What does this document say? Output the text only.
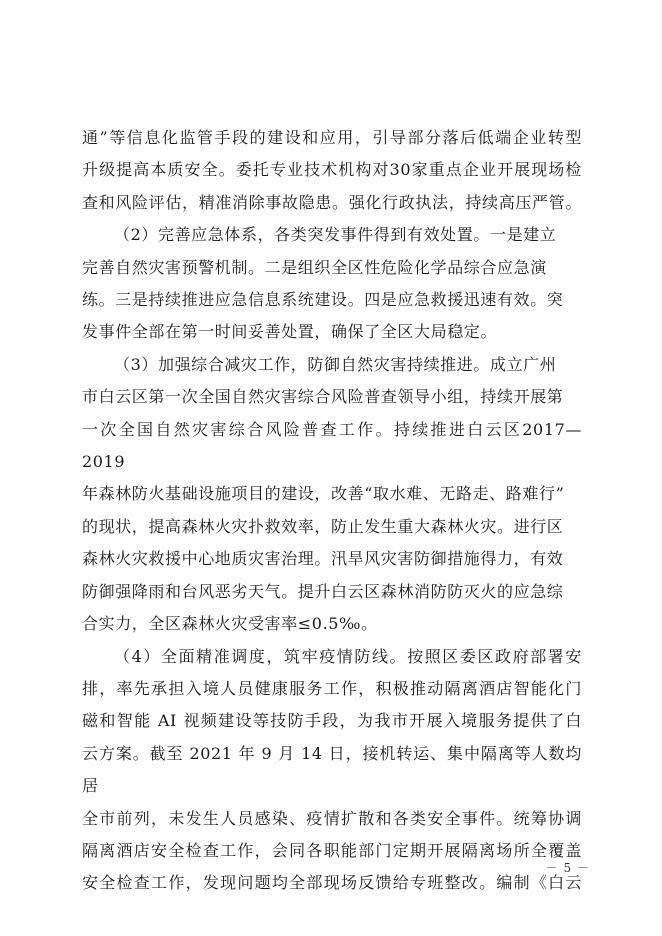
通”等信息化监管手段的建设和应用，引导部分落后低端企业转型
升级提高本质安全。委托专业技术机构对30家重点企业开展现场检
查和风险评估，精准消除事故隐患。强化行政执法，持续高压严管。

（2）完善应急体系，各类突发事件得到有效处置。一是建立
完善自然灾害预警机制。二是组织全区性危险化学品综合应急演
练。三是持续推进应急信息系统建设。四是应急救援迅速有效。突
发事件全部在第一时间妥善处置，确保了全区大局稳定。

（3）加强综合减灾工作，防御自然灾害持续推进。成立广州
市白云区第一次全国自然灾害综合风险普查领导小组，持续开展第
一次全国自然灾害综合风险普查工作。持续推进白云区2017—2019
年森林防火基础设施项目的建设，改善“取水难、无路走、路难行”
的现状，提高森林火灾扑救效率，防止发生重大森林火灾。进行区
森林火灾救援中心地质灾害治理。汛旱风灾害防御措施得力，有效
防御强降雨和台风恶劣天气。提升白云区森林消防防灭火的应急综
合实力，全区森林火灾受害率≤0.5‰。

（4）全面精准调度，筑牢疫情防线。按照区委区政府部署安
排，率先承担入境人员健康服务工作，积极推动隔离酒店智能化门
磁和智能 AI 视频建设等技防手段，为我市开展入境服务提供了白
云方案。截至 2021 年 9 月 14 日，接机转运、集中隔离等人数均居
全市前列，未发生人员感染、疫情扩散和各类安全事件。统筹协调
隔离酒店安全检查工作，会同各职能部门定期开展隔离场所全覆盖
安全检查工作，发现问题均全部现场反馈给专班整改。编制《白云

－ 5 －
